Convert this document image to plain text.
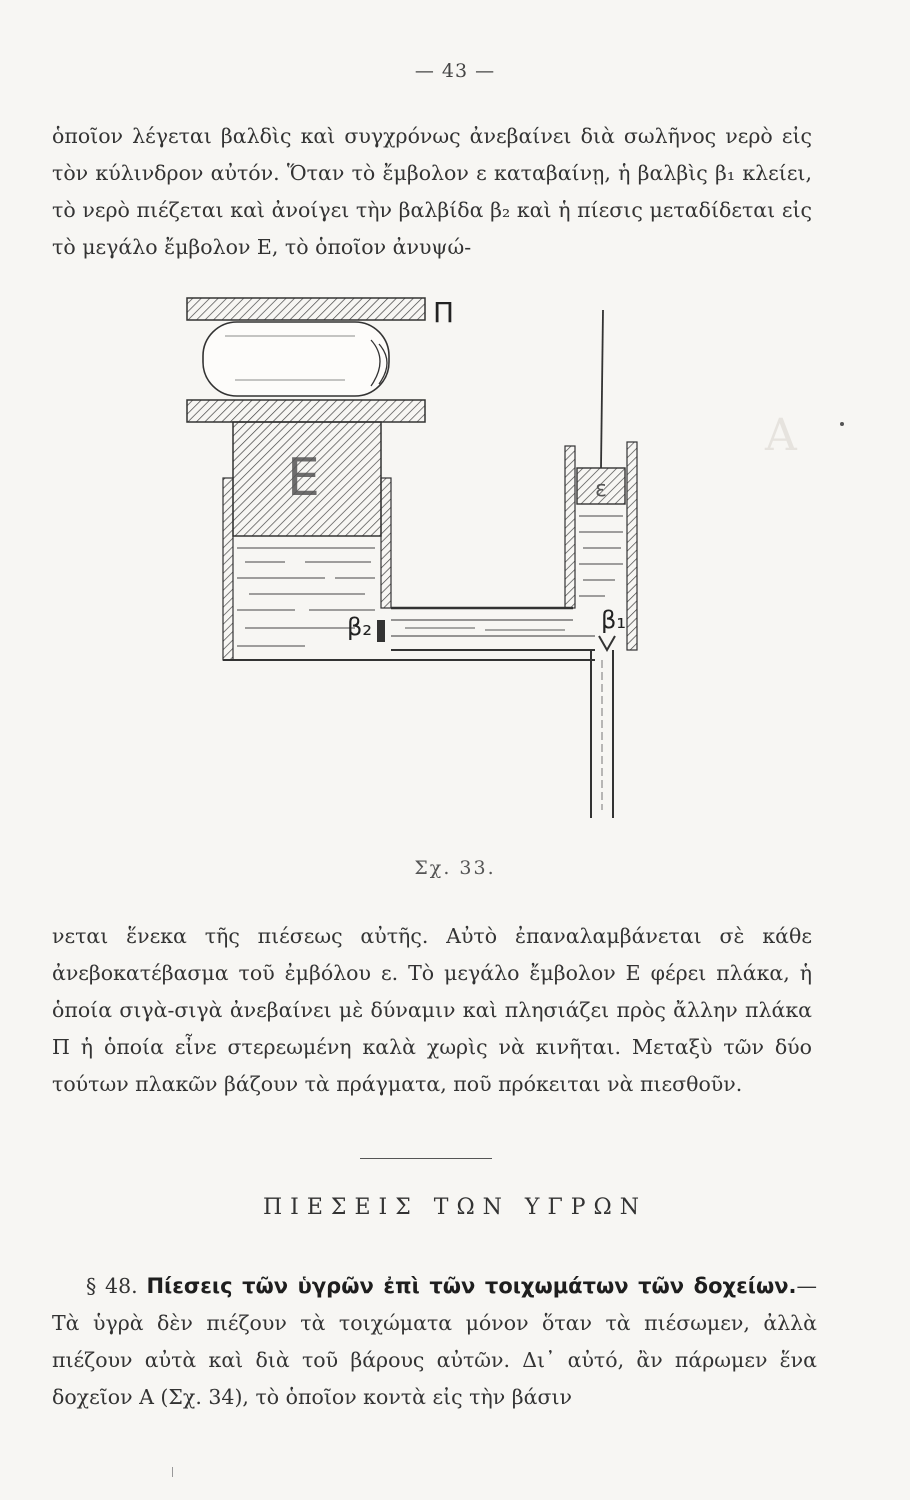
— 43 —
ὁποῖον λέγεται βαλδὶς καὶ συγχρόνως ἀνεβαίνει διὰ σωλῆνος νερὸ εἰς τὸν κύλινδρον αὐτόν. Ὅταν τὸ ἔμβολον ε καταβαίνῃ, ἡ βαλβὶς β₁ κλείει, τὸ νερὸ πιέζεται καὶ ἀνοίγει τὴν βαλβίδα β₂ καὶ ἡ πίεσις μεταδίδεται εἰς τὸ μεγάλο ἔμβολον Ε, τὸ ὁποῖον ἀνυψώ-
Π
Ε
β₂
ε
β₁
Σχ. 33.
νεται ἕνεκα τῆς πιέσεως αὐτῆς. Αὐτὸ ἐπαναλαμβάνεται σὲ κάθε ἀνεβοκατέβασμα τοῦ ἐμβόλου ε. Τὸ μεγάλο ἔμβολον Ε φέρει πλάκα, ἡ ὁποία σιγὰ-σιγὰ ἀνεβαίνει μὲ δύναμιν καὶ πλησιάζει πρὸς ἄλλην πλάκα Π ἡ ὁποία εἶνε στερεωμένη καλὰ χωρὶς νὰ κινῆται. Μεταξὺ τῶν δύο τούτων πλακῶν βάζουν τὰ πράγματα, ποῦ πρόκειται νὰ πιεσθοῦν.
ΠΙΕΣΕΙΣ ΤΩΝ ΥΓΡΩΝ
§ 48. Πίεσεις τῶν ὑγρῶν ἐπὶ τῶν τοιχωμάτων τῶν δοχείων.—Τὰ ὑγρὰ δὲν πιέζουν τὰ τοιχώματα μόνον ὅταν τὰ πιέσωμεν, ἀλλὰ πιέζουν αὐτὰ καὶ διὰ τοῦ βάρους αὐτῶν. Δι᾽ αὐτό, ἂν πάρωμεν ἕνα δοχεῖον Α (Σχ. 34), τὸ ὁποῖον κοντὰ εἰς τὴν βάσιν
A
